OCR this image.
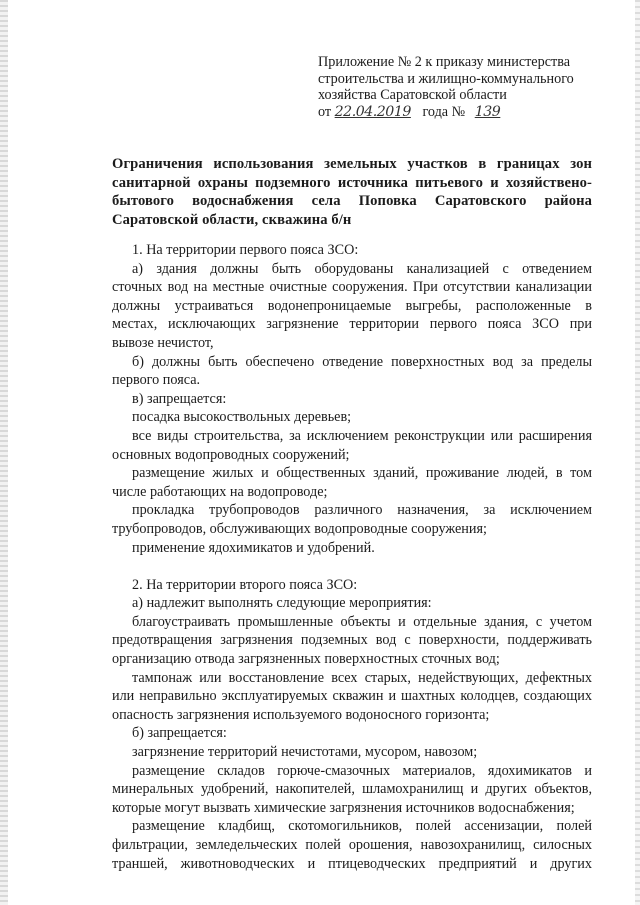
Приложение № 2 к приказу министерства
строительства и жилищно-коммунального
хозяйства Саратовской области
от 22.04.2019 года № 139
Ограничения использования земельных участков в границах зон
санитарной охраны подземного источника питьевого и хозяйствено-
бытового водоснабжения села Поповка Саратовского района
Саратовской области, скважина б/н
1. На территории первого пояса ЗСО:
а) здания должны быть оборудованы канализацией с отведением
сточных вод на местные очистные сооружения. При отсутствии канализации
должны устраиваться водонепроницаемые выгребы, расположенные в
местах, исключающих загрязнение территории первого пояса ЗСО при
вывозе нечистот,
б) должны быть обеспечено отведение поверхностных вод за пределы
первого пояса.
в) запрещается:
посадка высокоствольных деревьев;
все виды строительства, за исключением реконструкции или расширения
основных водопроводных сооружений;
размещение жилых и общественных зданий, проживание людей, в том
числе работающих на водопроводе;
прокладка трубопроводов различного назначения, за исключением
трубопроводов, обслуживающих водопроводные сооружения;
применение ядохимикатов и удобрений.
2. На территории второго пояса ЗСО:
а) надлежит выполнять следующие мероприятия:
благоустраивать промышленные объекты и отдельные здания, с учетом
предотвращения загрязнения подземных вод с поверхности, поддерживать
организацию отвода загрязненных поверхностных сточных вод;
тампонаж или восстановление всех старых, недействующих, дефектных
или неправильно эксплуатируемых скважин и шахтных колодцев, создающих
опасность загрязнения используемого водоносного горизонта;
б) запрещается:
загрязнение территорий нечистотами, мусором, навозом;
размещение складов горюче-смазочных материалов, ядохимикатов и
минеральных удобрений, накопителей, шламохранилищ и других объектов,
которые могут вызвать химические загрязнения источников водоснабжения;
размещение кладбищ, скотомогильников, полей ассенизации, полей
фильтрации, земледельческих полей орошения, навозохранилищ, силосных
траншей, животноводческих и птицеводческих предприятий и других
